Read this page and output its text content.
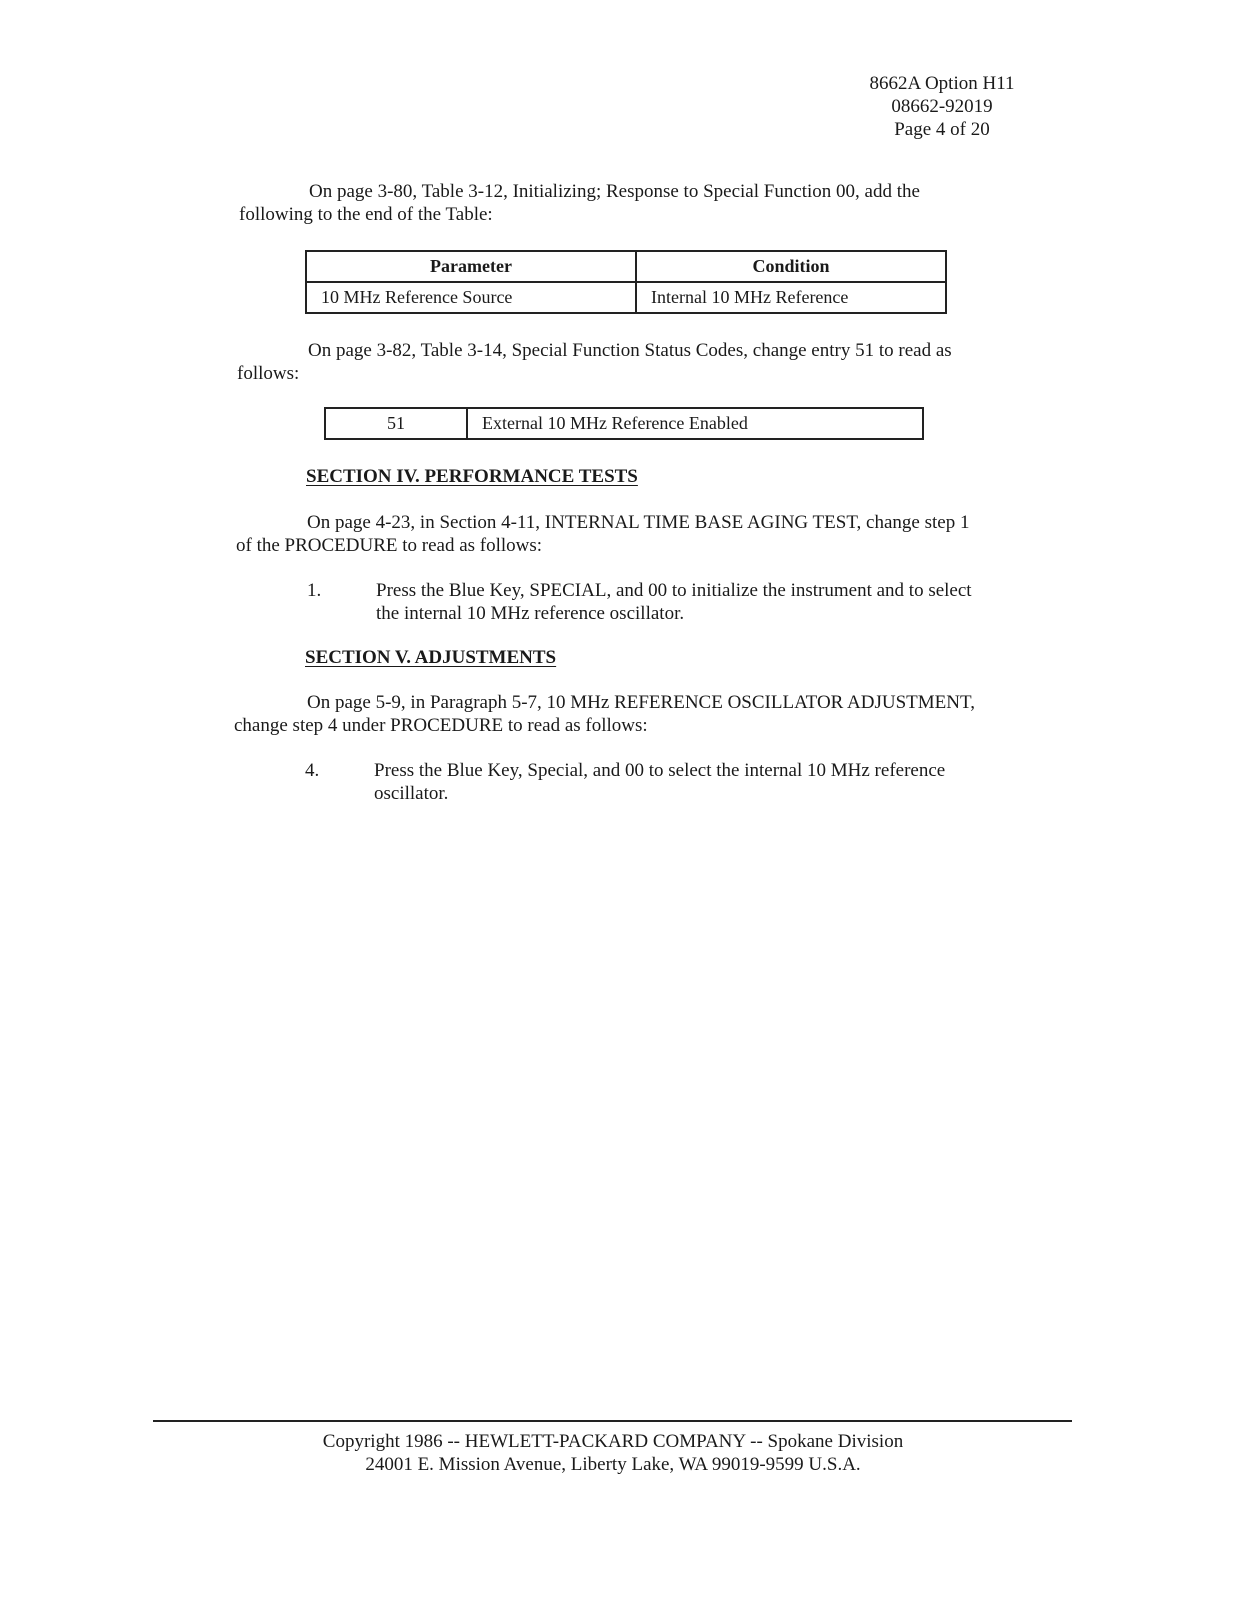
8662A Option H11
08662-92019
Page 4 of 20
On page 3-80, Table 3-12, Initializing; Response to Special Function 00, add the
following to the end of the Table:
Parameter	Condition
10 MHz Reference Source	Internal 10 MHz Reference
On page 3-82, Table 3-14, Special Function Status Codes, change entry 51 to read as
follows:
51	External 10 MHz Reference Enabled
SECTION IV. PERFORMANCE TESTS
On page 4-23, in Section 4-11, INTERNAL TIME BASE AGING TEST, change step 1
of the PROCEDURE to read as follows:
1.	Press the Blue Key, SPECIAL, and 00 to initialize the instrument and to select
the internal 10 MHz reference oscillator.
SECTION V. ADJUSTMENTS
On page 5-9, in Paragraph 5-7, 10 MHz REFERENCE OSCILLATOR ADJUSTMENT,
change step 4 under PROCEDURE to read as follows:
4.	Press the Blue Key, Special, and 00 to select the internal 10 MHz reference
oscillator.
Copyright 1986 -- HEWLETT-PACKARD COMPANY -- Spokane Division
24001 E. Mission Avenue, Liberty Lake, WA 99019-9599 U.S.A.
